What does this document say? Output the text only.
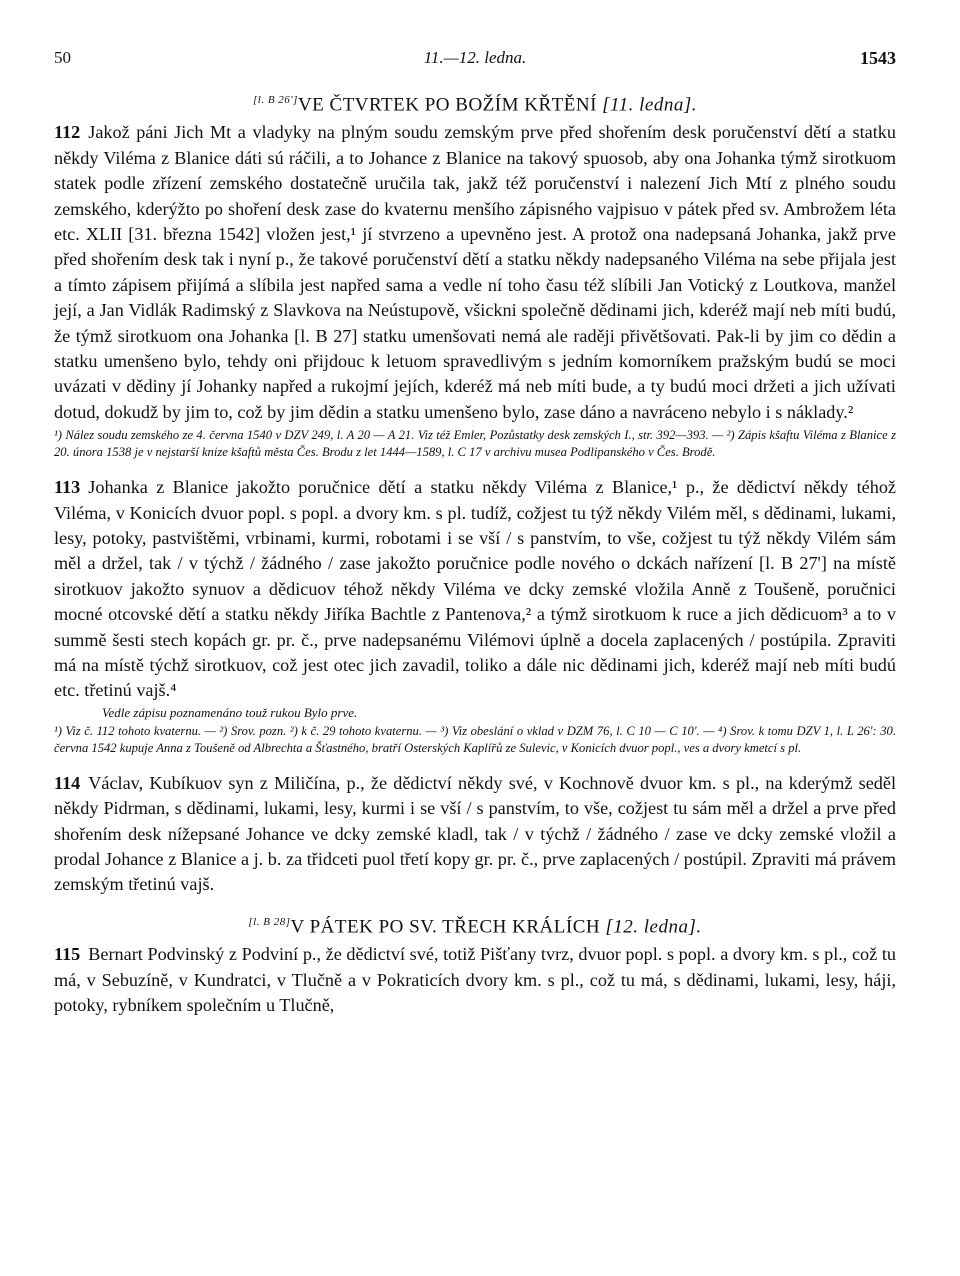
50	11.—12. ledna.	1543
[l. B 26']VE ČTVRTEK PO BOŽÍM KŘTĚNÍ [11. ledna].

112 Jakož páni Jich Mt a vladyky na plným soudu zemským prve před shořením desk poručenství dětí a statku někdy Viléma z Blanice dáti sú ráčili, a to Johance z Blanice na takový spuosob, aby ona Johanka týmž sirotkuom statek podle zřízení zemského dostatečně uručila tak, jakž též poručenství i nalezení Jich Mtí z plného soudu zemského, kderýžto po shoření desk zase do kvaternu menšího zápisného vajpisuo v pátek před sv. Ambrožem léta etc. XLII [31. března 1542] vložen jest,¹ jí stvrzeno a upevněno jest. A protož ona nadepsaná Johanka, jakž prve před shořením desk tak i nyní p., že takové poručenství dětí a statku někdy nadepsaného Viléma na sebe přijala jest a tímto zápisem přijímá a slíbila jest napřed sama a vedle ní toho času též slíbili Jan Votický z Loutkova, manžel její, a Jan Vidlák Radimský z Slavkova na Neústupově, všickni společně dědinami jich, kderéž mají neb míti budú, že týmž sirotkuom ona Johanka [l. B 27] statku umenšovati nemá ale raději přivětšovati. Pak-li by jim co dědin a statku umenšeno bylo, tehdy oni přijdouc k letuom spravedlivým s jedním komorníkem pražským budú se moci uvázati v dědiny jí Johanky napřed a rukojmí jejích, kderéž má neb míti bude, a ty budú moci držeti a jich užívati dotud, dokudž by jim to, což by jim dědin a statku umenšeno bylo, zase dáno a navráceno nebylo i s náklady.²

¹) Nález soudu zemského ze 4. června 1540 v DZV 249, l. A 20 — A 21. Viz též Emler, Pozůstatky desk zemských I., str. 392—393. — ²) Zápis kšaftu Viléma z Blanice z 20. února 1538 je v nejstarší knize kšaftů města Čes. Brodu z let 1444—1589, l. C 17 v archivu musea Podlipanského v Čes. Brodě.

113 Johanka z Blanice jakožto poručnice dětí a statku někdy Viléma z Blanice,¹ p., že dědictví někdy téhož Viléma, v Konicích dvuor popl. s popl. a dvory km. s pl. tudíž, cožjest tu týž někdy Vilém měl, s dědinami, lukami, lesy, potoky, pastvištěmi, vrbinami, kurmi, robotami i se vší / s panstvím, to vše, cožjest tu týž někdy Vilém sám měl a držel, tak / v týchž / žádného / zase jakožto poručnice podle nového o dckách nařízení [l. B 27'] na místě sirotkuov jakožto synuov a dědicuov téhož někdy Viléma ve dcky zemské vložila Anně z Toušeně, poručnici mocné otcovské dětí a statku někdy Jiříka Bachtle z Pantenova,² a týmž sirotkuom k ruce a jich dědicuom³ a to v summě šesti stech kopách gr. pr. č., prve nadepsanému Vilémovi úplně a docela zaplacených / postúpila. Zpraviti má na místě týchž sirotkuov, což jest otec jich zavadil, toliko a dále nic dědinami jich, kderéž mají neb míti budú etc. třetinú vajš.⁴

Vedle zápisu poznamenáno touž rukou Bylo prve.

¹) Viz č. 112 tohoto kvaternu. — ²) Srov. pozn. ²) k č. 29 tohoto kvaternu. — ³) Viz obeslání o vklad v DZM 76, l. C 10 — C 10'. — ⁴) Srov. k tomu DZV 1, l. L 26': 30. června 1542 kupuje Anna z Toušeně od Albrechta a Šťastného, bratří Osterských Kaplířů ze Sulevic, v Konicích dvuor popl., ves a dvory kmetcí s pl.

114 Václav, Kubíkuov syn z Miličína, p., že dědictví někdy své, v Kochnově dvuor km. s pl., na kderýmž seděl někdy Pidrman, s dědinami, lukami, lesy, kurmi i se vší / s panstvím, to vše, cožjest tu sám měl a držel a prve před shořením desk nížepsané Johance ve dcky zemské kladl, tak / v týchž / žádného / zase ve dcky zemské vložil a prodal Johance z Blanice a j. b. za třidceti puol třetí kopy gr. pr. č., prve zaplacených / postúpil. Zpraviti má právem zemským třetinú vajš.

[l. B 28]V PÁTEK PO SV. TŘECH KRÁLÍCH [12. ledna].

115 Bernart Podvinský z Podviní p., že dědictví své, totiž Pišťany tvrz, dvuor popl. s popl. a dvory km. s pl., což tu má, v Sebuzíně, v Kundratci, v Tlučně a v Pokraticích dvory km. s pl., což tu má, s dědinami, lukami, lesy, háji, potoky, rybníkem společním u Tlučně,
